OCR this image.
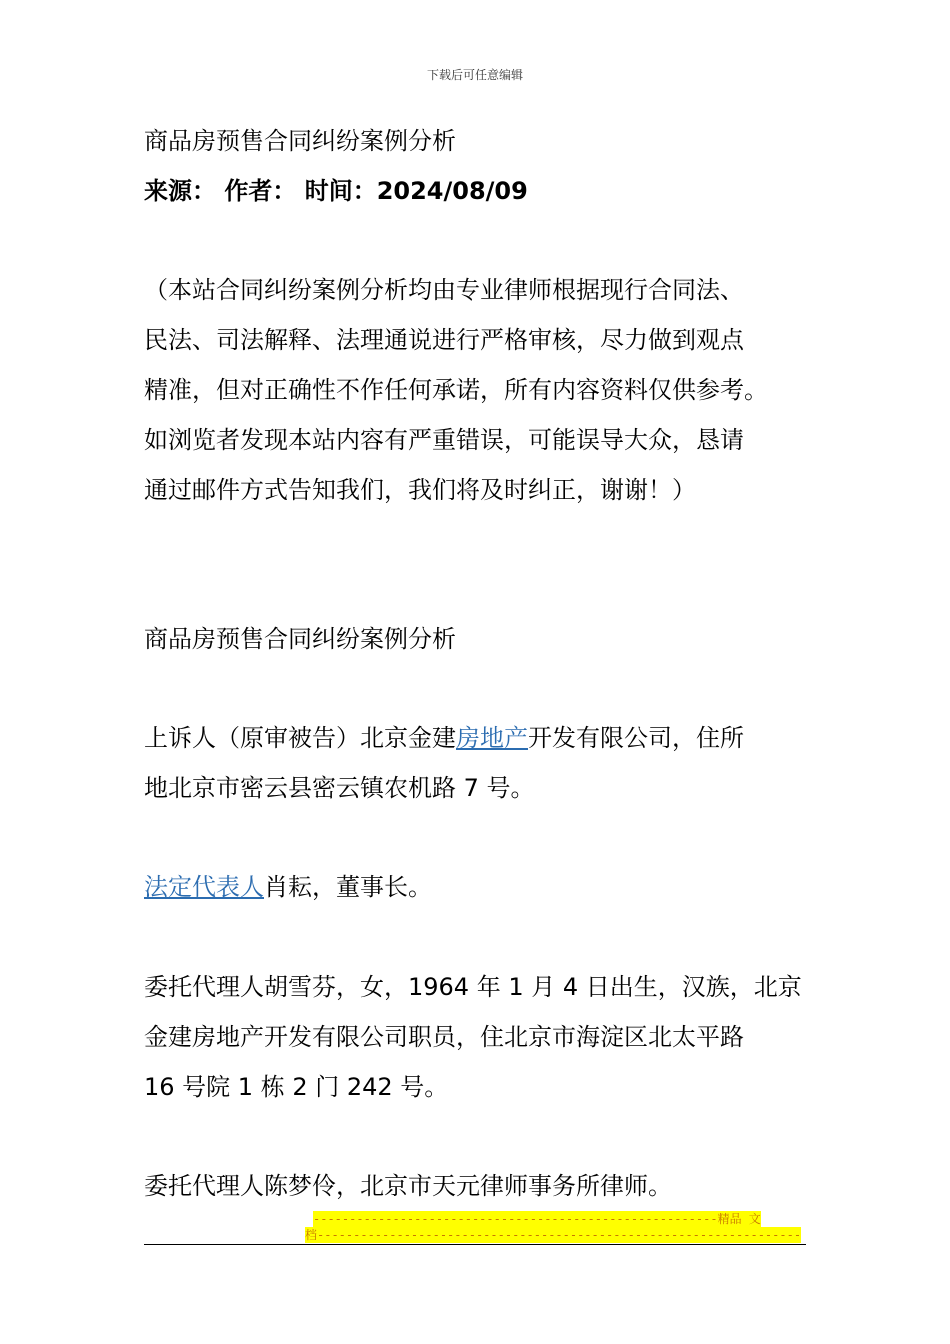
下载后可任意编辑
商品房预售合同纠纷案例分析
来源： 作者： 时间：2024/08/09
（本站合同纠纷案例分析均由专业律师根据现行合同法、
民法、司法解释、法理通说进行严格审核，尽力做到观点
精准，但对正确性不作任何承诺，所有内容资料仅供参考。
如浏览者发现本站内容有严重错误，可能误导大众，恳请
通过邮件方式告知我们，我们将及时纠正，谢谢！）
商品房预售合同纠纷案例分析
上诉人（原审被告）北京金建房地产开发有限公司，住所
地北京市密云县密云镇农机路 7 号。
法定代表人肖耘，董事长。
委托代理人胡雪芬，女，1964 年 1 月 4 日出生，汉族，北京
金建房地产开发有限公司职员，住北京市海淀区北太平路
16 号院 1 栋 2 门 242 号。
委托代理人陈梦伶，北京市天元律师事务所律师。
--------------------------------------------------------精品 文
档-------------------------------------------------------------------
